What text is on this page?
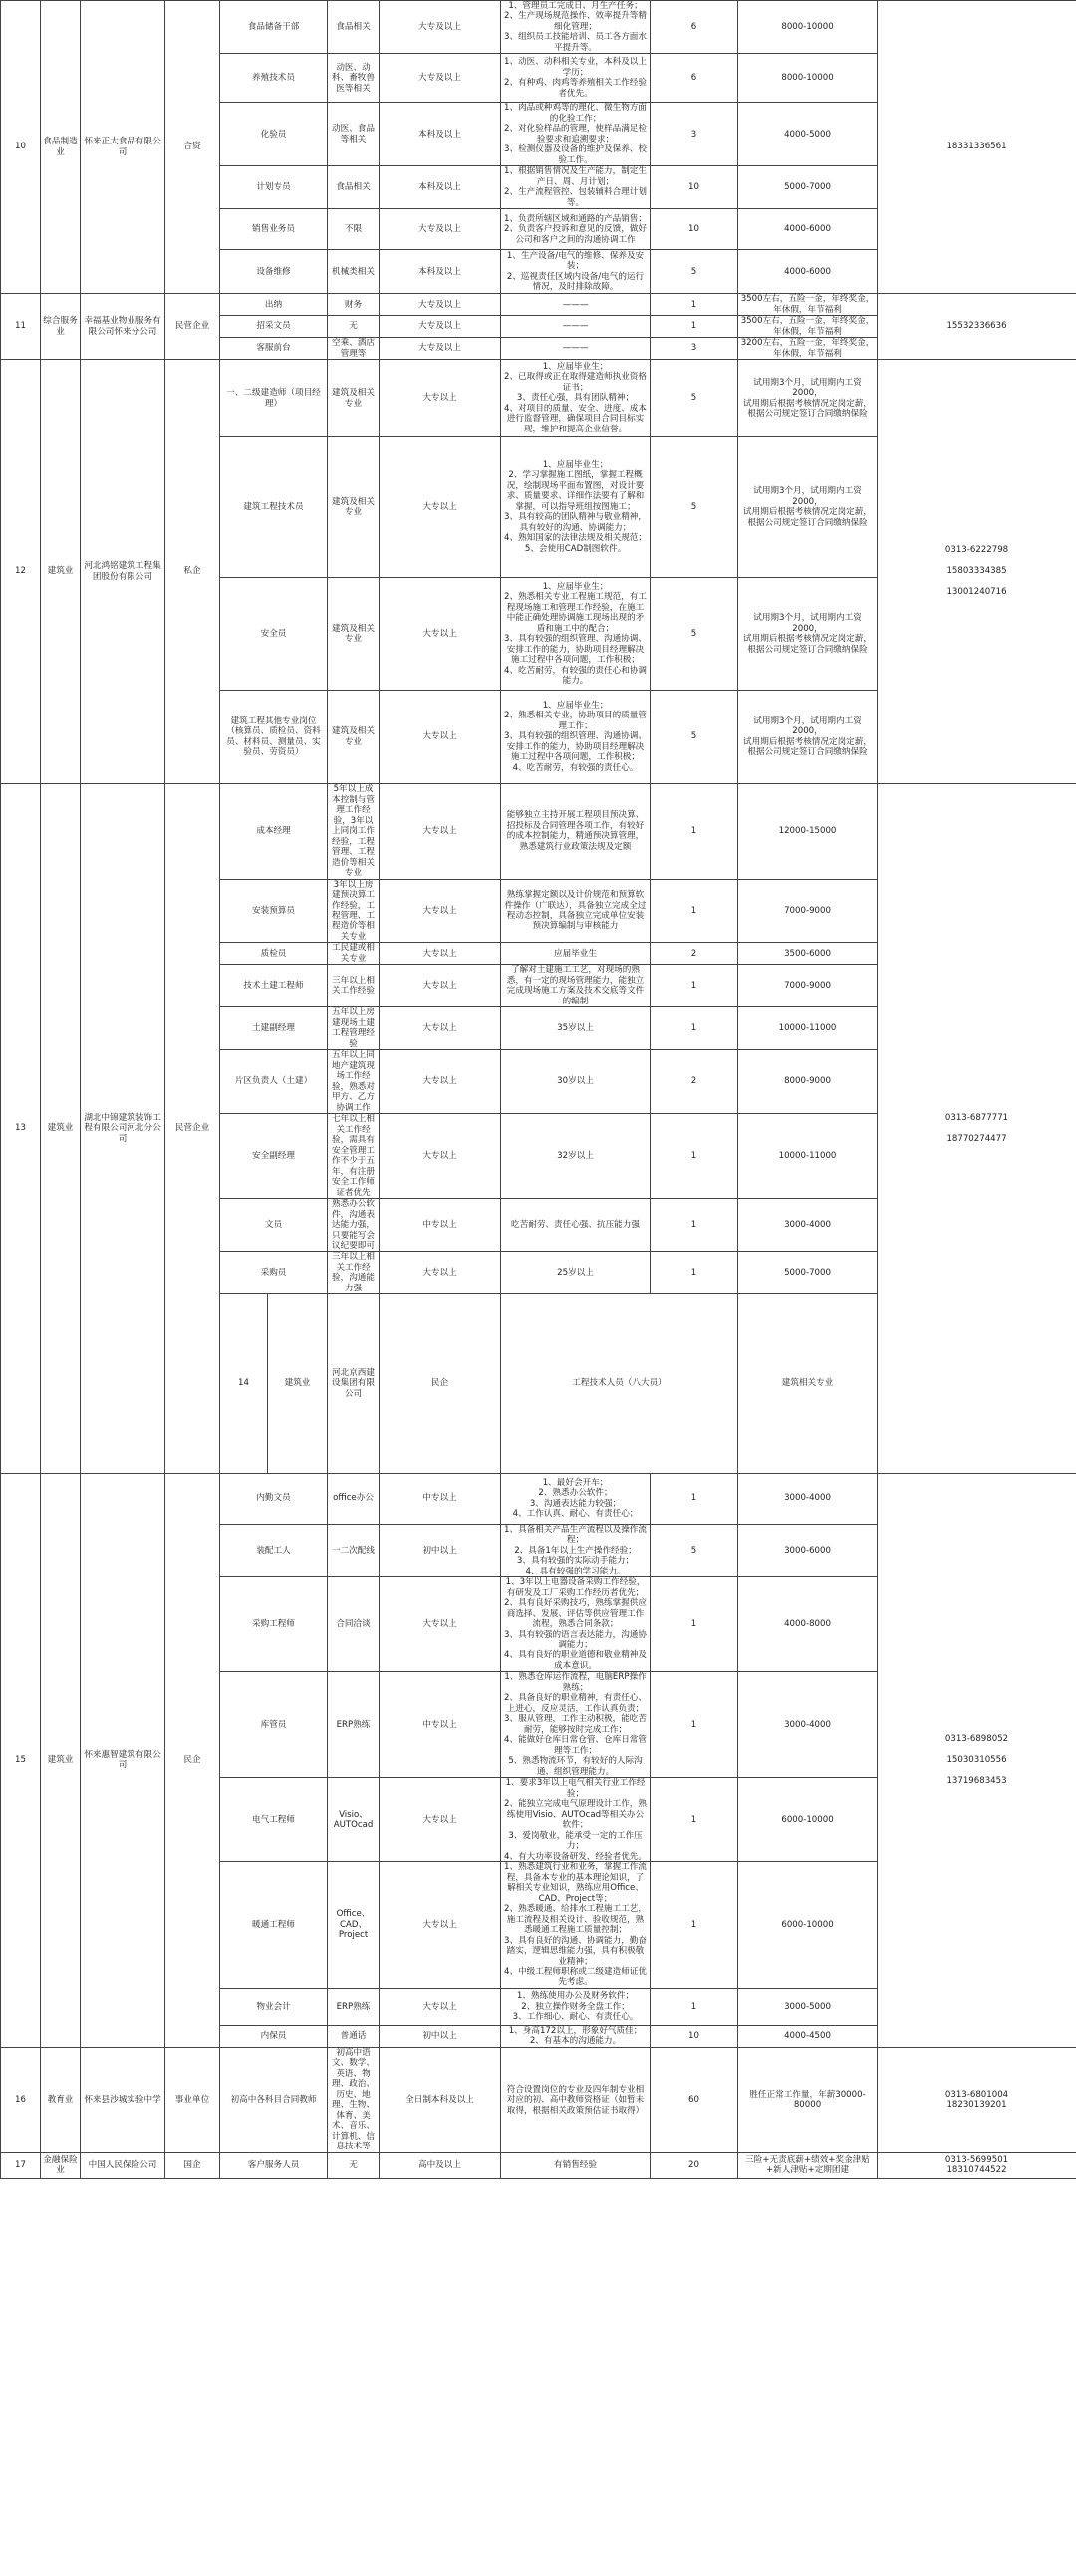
10	食品制造业	怀来正大食品有限公司	合资	食品储备干部		食品相关	大专及以上	1、管理员工完成日、月生产任务；
2、生产现场规范操作、效率提升等精细化管理；
3、组织员工技能培训、员工各方面水平提升等。	6	8000-10000	18331336561	
				养殖技术员		动医、动科、畜牧兽医等相关	大专及以上	1、动医、动科相关专业，本科及以上学历；
2、有种鸡、肉鸡等养殖相关工作经验者优先。	6	8000-10000		
				化验员		动医、食品等相关	本科及以上	1、肉品或种鸡等的理化、微生物方面的化验工作；
2、对化验样品的管理，使样品满足检验要求和追溯要求；
3、检测仪器及设备的维护及保养、校验工作。	3	4000-5000		
				计划专员		食品相关	本科及以上	1、根据销售情况及生产能力，制定生产日、周、月计划；
2、生产流程管控、包装辅料合理计划等。	10	5000-7000		
				销售业务员		不限	大专及以上	1、负责所辖区域和通路的产品销售；
2、负责客户投诉和意见的反馈，做好公司和客户之间的沟通协调工作	10	4000-6000		
				设备维修		机械类相关	本科及以上	1、生产设备/电气的维修、保养及安装；
2、巡视责任区域内设备/电气的运行情况，及时排除故障。	5	4000-6000		
11	综合服务业	幸福基业物业服务有限公司怀来分公司	民营企业	出纳		财务	大专及以上	———	1	3500左右，五险一金，年终奖金，年休假，年节福利	15532336636	
				招采文员		无	大专及以上	———	1	3500左右，五险一金，年终奖金，年休假，年节福利		
				客服前台		空乘、酒店管理等	大专及以上	———	3	3200左右，五险一金，年终奖金，年休假，年节福利		
12	建筑业	河北鸿铭建筑工程集团股份有限公司	私企	一、二级建造师（项目经理）		建筑及相关专业	大专以上	1、应届毕业生；
2、已取得或正在取得建造师执业资格证书；
3、责任心强，具有团队精神；
4、对项目的质量、安全、进度、成本进行监督管理，确保项目合同目标实现，维护和提高企业信誉。	5	试用期3个月，试用期内工资2000，
试用期后根据考核情况定岗定薪，根据公司规定签订合同缴纳保险	0313-6222798

15803334385

13001240716	
				建筑工程技术员		建筑及相关专业	大专以上	1、应届毕业生；
2、学习掌握施工图纸，掌握工程概况，绘制现场平面布置图，对设计要求、质量要求、详细作法要有了解和掌握，可以指导班组按图施工；
3、具有较高的团队精神与敬业精神，具有较好的沟通、协调能力；
4、熟知国家的法律法规及相关规范；
5、会使用CAD制图软件。	5	试用期3个月，试用期内工资2000，
试用期后根据考核情况定岗定薪，根据公司规定签订合同缴纳保险		
				安全员		建筑及相关专业	大专以上	1、应届毕业生；
2、熟悉相关专业工程施工规范，有工程现场施工和管理工作经验，在施工中能正确处理协调施工现场出现的矛盾和施工中的配合；
3、具有较强的组织管理、沟通协调、安排工作的能力，协助项目经理解决施工过程中各项问题，工作积极；
4、吃苦耐劳，有较强的责任心和协调能力。	5	试用期3个月，试用期内工资2000，
试用期后根据考核情况定岗定薪，根据公司规定签订合同缴纳保险		
				建筑工程其他专业岗位（核算员、质检员、资料员、材料员、测量员、实验员、劳资员）		建筑及相关专业	大专以上	1、应届毕业生；
2、熟悉相关专业，协助项目的质量管理工作；
3、具有较强的组织管理、沟通协调、安排工作的能力，协助项目经理解决施工过程中各项问题，工作积极；
4、吃苦耐劳，有较强的责任心。	5	试用期3个月，试用期内工资2000，
试用期后根据考核情况定岗定薪，根据公司规定签订合同缴纳保险		
13	建筑业	湖北中锦建筑装饰工程有限公司河北分公司	民营企业	成本经理		5年以上成本控制与管理工作经验，3年以上同岗工作经验，工程管理、工程造价等相关专业	大专以上	能够独立主持开展工程项目预决算、招投标及合同管理各项工作，有较好的成本控制能力，精通预决算管理，熟悉建筑行业政策法规及定额	1	12000-15000	0313-6877771

18770274477	
				安装预算员		3年以上房建预决算工作经验，工程管理、工程造价等相关专业	大专以上	熟练掌握定额以及计价规范和预算软件操作（广联达），具备独立完成全过程动态控制，具备独立完成单位安装预决算编制与审核能力	1	7000-9000		
				质检员		工民建或相关专业	大专以上	应届毕业生	2	3500-6000		
				技术土建工程师		三年以上相关工作经验	大专以上	了解对土建施工工艺，对现场的熟悉，有一定的现场管理能力，能独立完成现场施工方案及技术交底等文件的编制	1	7000-9000		
				土建副经理		五年以上房建现场土建工程管理经验	大专以上	35岁以上	1	10000-11000		
				片区负责人（土建）		五年以上同地产建筑现场工作经验，熟悉对甲方、乙方协调工作	大专以上	30岁以上	2	8000-9000		
				安全副经理		七年以上相关工作经验，需具有安全管理工作不少于五年，有注册安全工作师证者优先	大专以上	32岁以上	1	10000-11000		
				文员		熟悉办公软件，沟通表达能力强，只要能写会议纪要即可	中专以上	吃苦耐劳、责任心强、抗压能力强	1	3000-4000		
				采购员		三年以上相关工作经验，沟通能力强	大专以上	25岁以上	1	5000-7000		
				14	建筑业	河北京西建设集团有限公司	民企	工程技术人员（八大员）		建筑相关专业					
15	建筑业	怀来惠智建筑有限公司	民企	内勤文员		office办公	中专以上	1、最好会开车；
2、熟悉办公软件；
3、沟通表达能力较强；
4、工作认真、耐心、有责任心；	1	3000-4000	0313-6898052

15030310556

13719683453	
				装配工人		一二次配线	初中以上	1、具备相关产品生产流程以及操作流程；
2、具备1年以上生产操作经验；
3、具有较强的实际动手能力；
4、具有较强的学习能力。	5	3000-6000		
				采购工程师		合同洽谈	大专以上	1、3年以上电器设备采购工作经验，有研发及工厂采购工作经历者优先；
2、具有良好采购技巧，熟练掌握供应商选择、发展、评估等供应管理工作流程，熟悉合同条款；
3、具有较强的语言表达能力，沟通协调能力；
4、具有良好的职业道德和敬业精神及成本意识。	1	4000-8000		
				库管员		ERP熟练	中专以上	1、熟悉仓库运作流程，电脑ERP操作熟练；
2、具备良好的职业精神，有责任心、上进心，反应灵活，工作认真负责；
3、服从管理，工作主动积极，能吃苦耐劳，能够按时完成工作；
4、能做好仓库日常仓管、仓库日常管理等工作；
5、熟悉物流环节，有较好的人际沟通、组织管理能力。	1	3000-4000		
				电气工程师		Visio、AUTOcad	大专以上	1、要求3年以上电气相关行业工作经验；
2、能独立完成电气原理设计工作，熟练使用Visio、AUTOcad等相关办公软件；
3、爱岗敬业，能承受一定的工作压力；
4、有大功率设备研发，经验者优先。	1	6000-10000		
				暖通工程师		Office、CAD、Project	大专以上	1、熟悉建筑行业和业务，掌握工作流程，具备本专业的基本理论知识，了解相关专业知识，熟练应用Office、CAD、Project等；
2、熟悉暖通、给排水工程施工工艺，施工流程及相关设计、验收规范，熟悉暖通工程施工质量控制；
3、具有良好的沟通、协调能力，勤奋踏实，逻辑思维能力强，具有积极敬业精神；
4、中级工程师职称或二级建造师证优先考虑。	1	6000-10000		
				物业会计		ERP熟练	大专以上	1、熟练使用办公及财务软件；
2、独立操作财务全盘工作；
3、工作细心、耐心、有责任心。	1	3000-5000		
				内保员		普通话	初中以上	1、身高172以上，形象好气质佳；
2、有基本的沟通能力。	10	4000-4500		
16	教育业	怀来县沙城实验中学	事业单位	初高中各科目合同教师		初高中语文、数学、英语、物理、政治、历史、地理、生物、体育、美术、音乐、计算机、信息技术等	全日制本科及以上	符合设置岗位的专业及四年制专业相对应的初、高中教师资格证（如暂未取得，根据相关政策预估证书取得）	60	胜任正常工作量，年薪30000-80000	0313-6801004
18230139201	
17	金融保险业	中国人民保险公司	国企	客户服务人员		无	高中及以上	有销售经验	20	三险+无责底薪+绩效+奖金津贴+新人津贴+定期团建	0313-5699501
18310744522	
